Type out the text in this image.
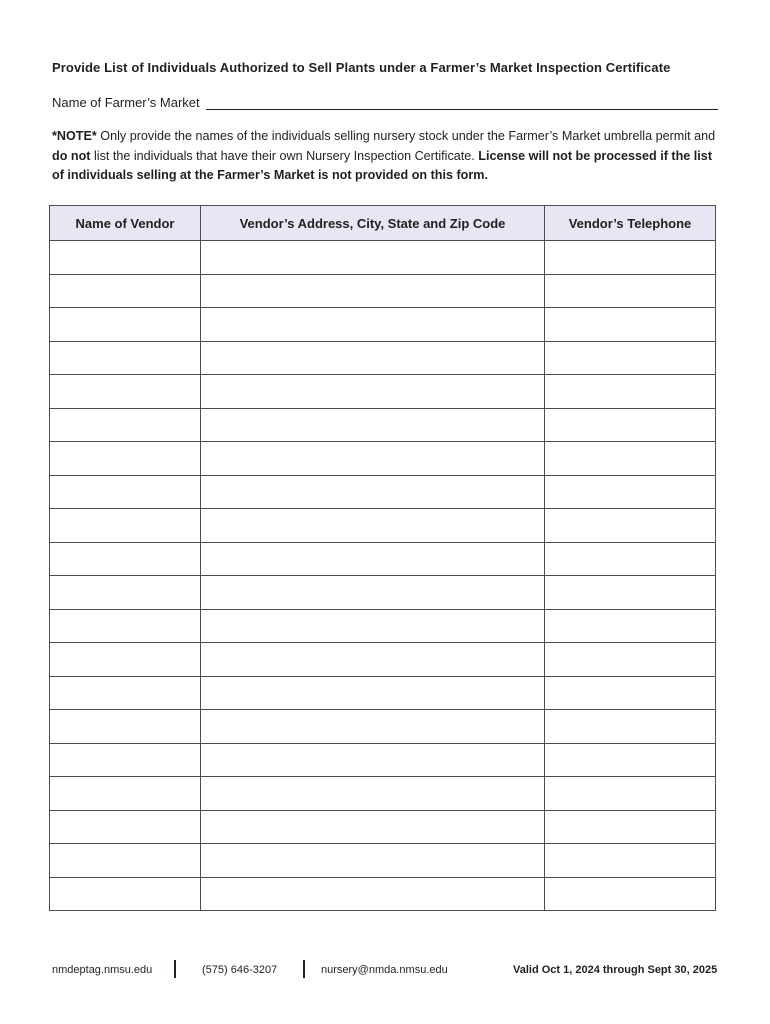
Provide List of Individuals Authorized to Sell Plants under a Farmer’s Market Inspection Certificate
Name of Farmer’s Market
*NOTE* Only provide the names of the individuals selling nursery stock under the Farmer’s Market umbrella permit and do not list the individuals that have their own Nursery Inspection Certificate. License will not be processed if the list of individuals selling at the Farmer’s Market is not provided on this form.
Name of Vendor	Vendor’s Address, City, State and Zip Code	Vendor’s Telephone

nmdeptag.nmsu.edu	(575) 646-3207	nursery@nmda.nmsu.edu	Valid Oct 1, 2024 through Sept 30, 2025
